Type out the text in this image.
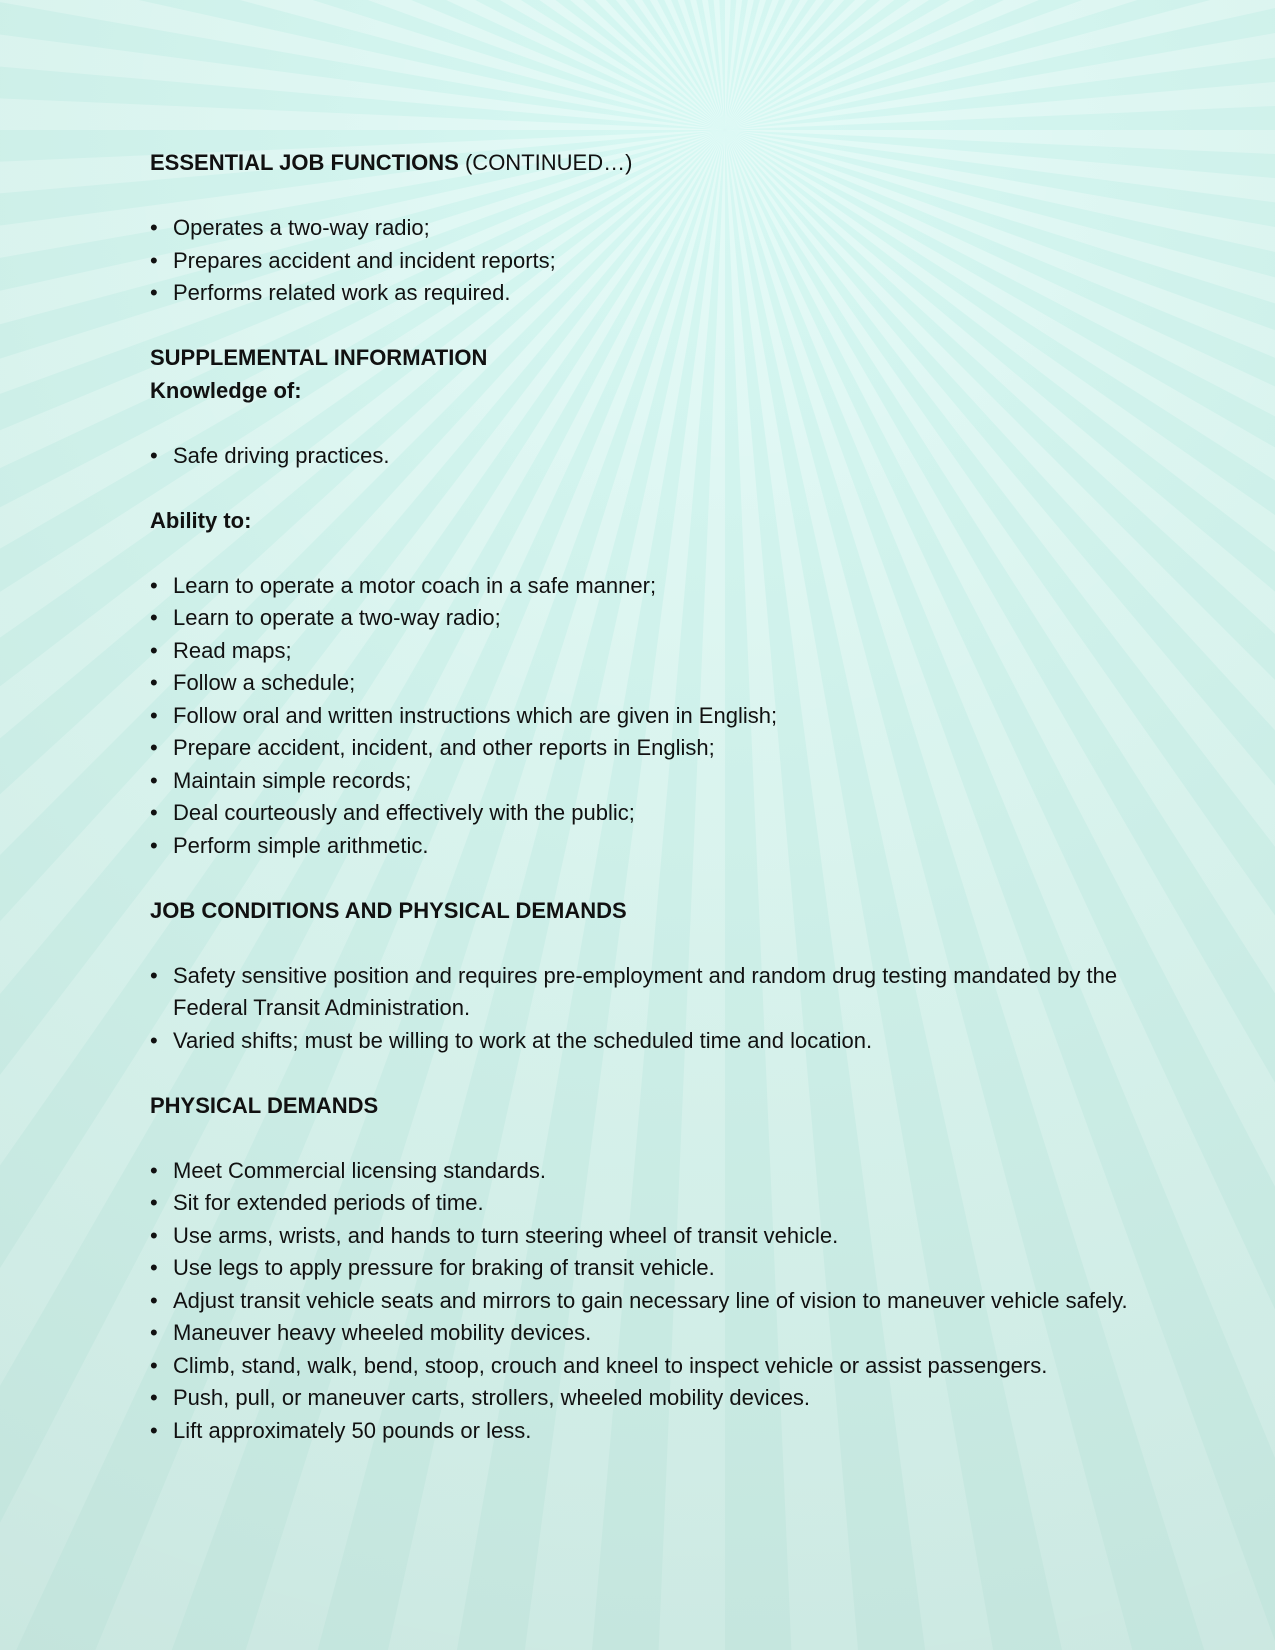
ESSENTIAL JOB FUNCTIONS (CONTINUED…)

• Operates a two-way radio;
• Prepares accident and incident reports;
• Performs related work as required.

SUPPLEMENTAL INFORMATION

Knowledge of:

• Safe driving practices.

Ability to:

• Learn to operate a motor coach in a safe manner;
• Learn to operate a two-way radio;
• Read maps;
• Follow a schedule;
• Follow oral and written instructions which are given in English;
• Prepare accident, incident, and other reports in English;
• Maintain simple records;
• Deal courteously and effectively with the public;
• Perform simple arithmetic.

JOB CONDITIONS AND PHYSICAL DEMANDS

• Safety sensitive position and requires pre-employment and random drug testing mandated by the Federal Transit Administration.
• Varied shifts; must be willing to work at the scheduled time and location.

PHYSICAL DEMANDS

• Meet Commercial licensing standards.
• Sit for extended periods of time.
• Use arms, wrists, and hands to turn steering wheel of transit vehicle.
• Use legs to apply pressure for braking of transit vehicle.
• Adjust transit vehicle seats and mirrors to gain necessary line of vision to maneuver vehicle safely.
• Maneuver heavy wheeled mobility devices.
• Climb, stand, walk, bend, stoop, crouch and kneel to inspect vehicle or assist passengers.
• Push, pull, or maneuver carts, strollers, wheeled mobility devices.
• Lift approximately 50 pounds or less.
